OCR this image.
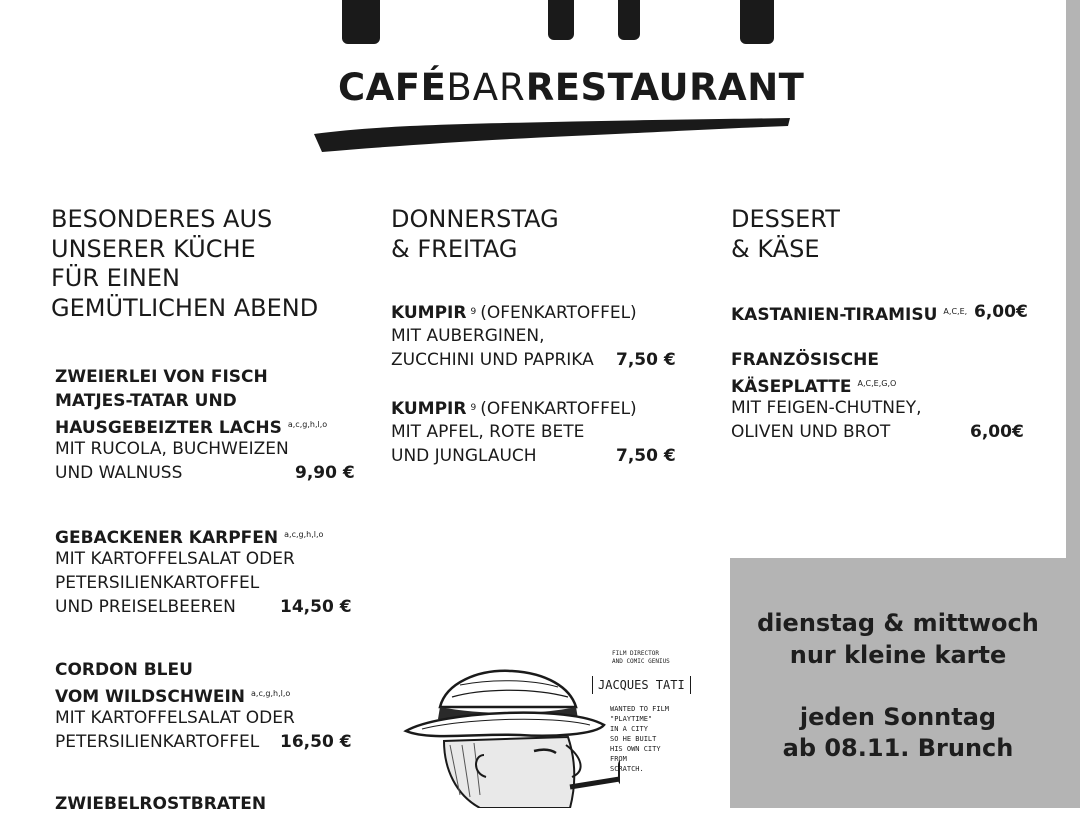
CAFÉBARRESTAURANT
BESONDERES AUS
UNSERER KÜCHE
FÜR EINEN
GEMÜTLICHEN ABEND
ZWEIERLEI VON FISCH
MATJES-TATAR UND
HAUSGEBEIZTER LACHS $^{a,c,g,h,l,o}$
MIT RUCOLA, BUCHWEIZEN
UND WALNUSS	9,90 €
GEBACKENER KARPFEN $^{a,c,g,h,l,o}$
MIT KARTOFFELSALAT ODER
PETERSILIENKARTOFFEL
UND PREISELBEEREN	14,50 €
CORDON BLEU
VOM WILDSCHWEIN $^{a,c,g,h,l,o}$
MIT KARTOFFELSALAT ODER
PETERSILIENKARTOFFEL 16,50 €
ZWIEBELROSTBRATEN
DONNERSTAG
& FREITAG
KUMPIR $^9$ (OFENKARTOFFEL)
MIT AUBERGINEN,
ZUCCHINI UND PAPRIKA 7,50 €
KUMPIR $^9$ (OFENKARTOFFEL)
MIT APFEL, ROTE BETE
UND JUNGLAUCH	7,50 €
DESSERT
& KÄSE
KASTANIEN-TIRAMISU $^{A,C,E,}$ 6,00€
FRANZÖSISCHE
KÄSEPLATTE $^{A,C,E,G,O}$
MIT FEIGEN-CHUTNEY,
OLIVEN UND BROT	6,00€
dienstag & mittwoch
nur kleine karte
jeden Sonntag
ab 08.11. Brunch
FILM DIRECTOR
AND COMIC GENIUS
JACQUES TATI
WANTED TO FILM
"PLAYTIME"
IN A CITY
SO HE BUILT
HIS OWN CITY
FROM
SCRATCH.
